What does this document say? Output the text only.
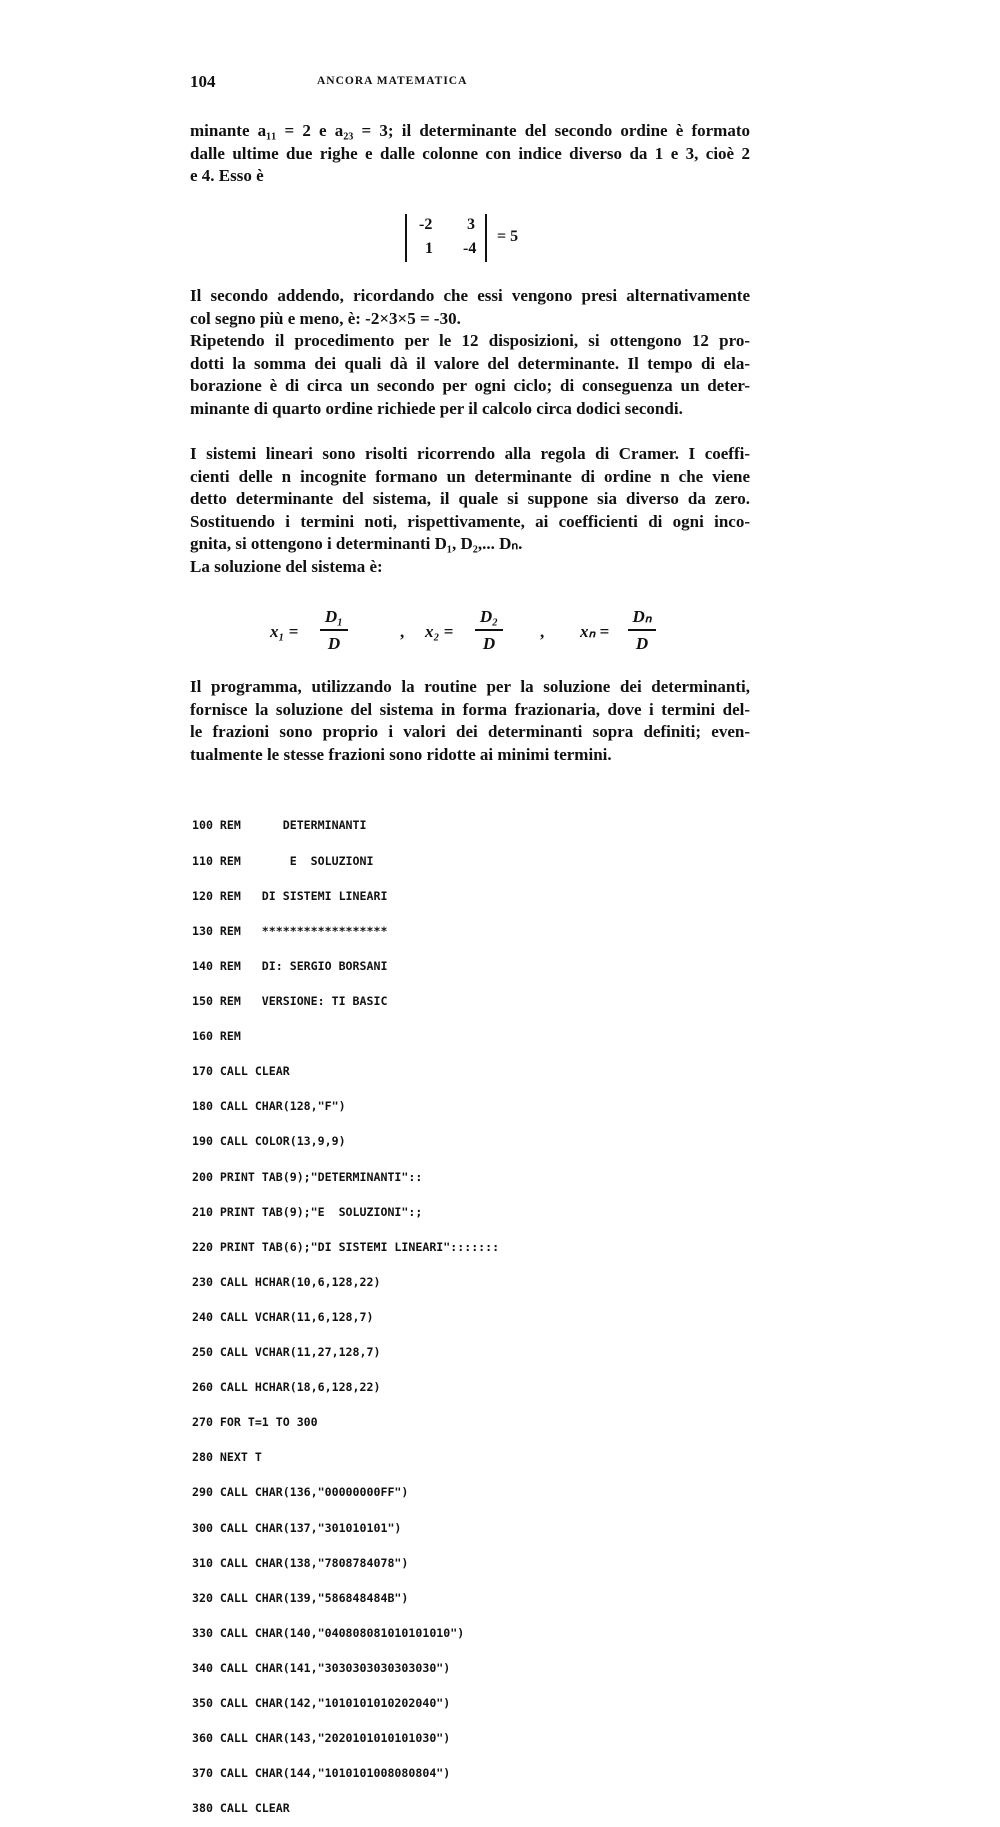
104	ANCORA MATEMATICA
minante a₁₁ = 2 e a₂₃ = 3; il determinante del secondo ordine è formato
dalle ultime due righe e dalle colonne con indice diverso da 1 e 3, cioè 2
e 4. Esso è
-2 3
1 -4
= 5
Il secondo addendo, ricordando che essi vengono presi alternativamente
col segno più e meno, è: -2×3×5 = -30.
Ripetendo il procedimento per le 12 disposizioni, si ottengono 12 pro-
dotti la somma dei quali dà il valore del determinante. Il tempo di ela-
borazione è di circa un secondo per ogni ciclo; di conseguenza un deter-
minante di quarto ordine richiede per il calcolo circa dodici secondi.
I sistemi lineari sono risolti ricorrendo alla regola di Cramer. I coeffi-
cienti delle n incognite formano un determinante di ordine n che viene
detto determinante del sistema, il quale si suppone sia diverso da zero.
Sostituendo i termini noti, rispettivamente, ai coefficienti di ogni inco-
gnita, si ottengono i determinanti D₁, D₂,... Dₙ.
La soluzione del sistema è:
x₁ =
D₁
D
, x₂ =
D₂
D
, xₙ =
Dₙ
D
Il programma, utilizzando la routine per la soluzione dei determinanti,
fornisce la soluzione del sistema in forma frazionaria, dove i termini del-
le frazioni sono proprio i valori dei determinanti sopra definiti; even-
tualmente le stesse frazioni sono ridotte ai minimi termini.

100 REM      DETERMINANTI

110 REM       E  SOLUZIONI

120 REM   DI SISTEMI LINEARI

130 REM   ******************

140 REM   DI: SERGIO BORSANI

150 REM   VERSIONE: TI BASIC

160 REM

170 CALL CLEAR

180 CALL CHAR(128,"F")

190 CALL COLOR(13,9,9)

200 PRINT TAB(9);"DETERMINANTI"::

210 PRINT TAB(9);"E  SOLUZIONI":;

220 PRINT TAB(6);"DI SISTEMI LINEARI":::::::

230 CALL HCHAR(10,6,128,22)

240 CALL VCHAR(11,6,128,7)

250 CALL VCHAR(11,27,128,7)

260 CALL HCHAR(18,6,128,22)

270 FOR T=1 TO 300

280 NEXT T

290 CALL CHAR(136,"00000000FF")

300 CALL CHAR(137,"301010101")

310 CALL CHAR(138,"7808784078")

320 CALL CHAR(139,"586848484B")

330 CALL CHAR(140,"040808081010101010")

340 CALL CHAR(141,"3030303030303030")

350 CALL CHAR(142,"1010101010202040")

360 CALL CHAR(143,"2020101010101030")

370 CALL CHAR(144,"1010101008080804")

380 CALL CLEAR
